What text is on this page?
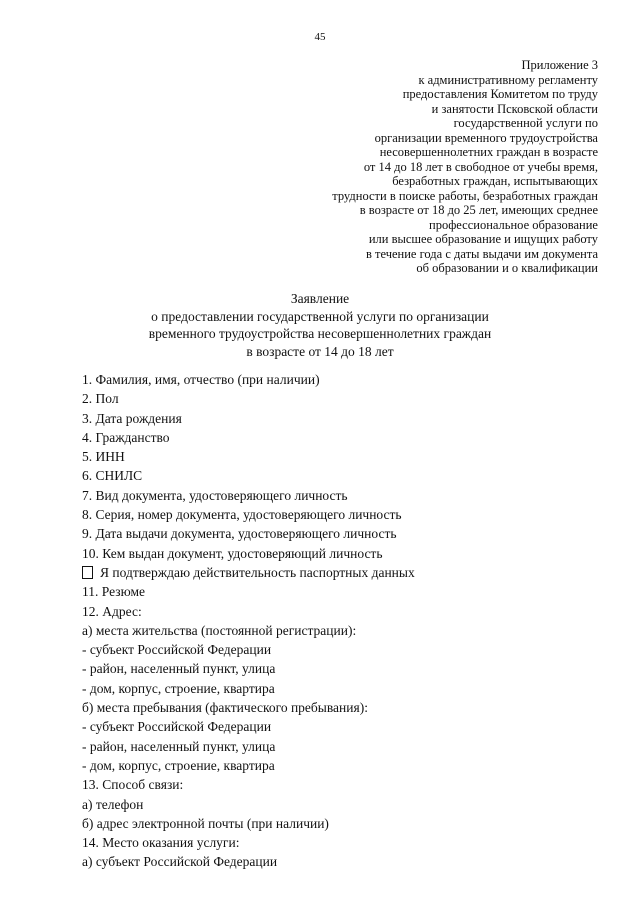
45
Приложение 3
к административному регламенту
предоставления Комитетом по труду
и занятости Псковской области
государственной услуги по
организации временного трудоустройства
несовершеннолетних граждан в возрасте
от 14 до 18 лет в свободное от учебы время,
безработных граждан, испытывающих
трудности в поиске работы, безработных граждан
в возрасте от 18 до 25 лет, имеющих среднее
профессиональное образование
или высшее образование и ищущих работу
в течение года с даты выдачи им документа
об образовании и о квалификации
Заявление
о предоставлении государственной услуги по организации
временного трудоустройства несовершеннолетних граждан
в возрасте от 14 до 18 лет
1. Фамилия, имя, отчество (при наличии)
2. Пол
3. Дата рождения
4. Гражданство
5. ИНН
6. СНИЛС
7. Вид документа, удостоверяющего личность
8. Серия, номер документа, удостоверяющего личность
9. Дата выдачи документа, удостоверяющего личность
10. Кем выдан документ, удостоверяющий личность
Я подтверждаю действительность паспортных данных
11. Резюме
12. Адрес:
а) места жительства (постоянной регистрации):
- субъект Российской Федерации
- район, населенный пункт, улица
- дом, корпус, строение, квартира
б) места пребывания (фактического пребывания):
- субъект Российской Федерации
- район, населенный пункт, улица
- дом, корпус, строение, квартира
13. Способ связи:
а) телефон
б) адрес электронной почты (при наличии)
14. Место оказания услуги:
а) субъект Российской Федерации
